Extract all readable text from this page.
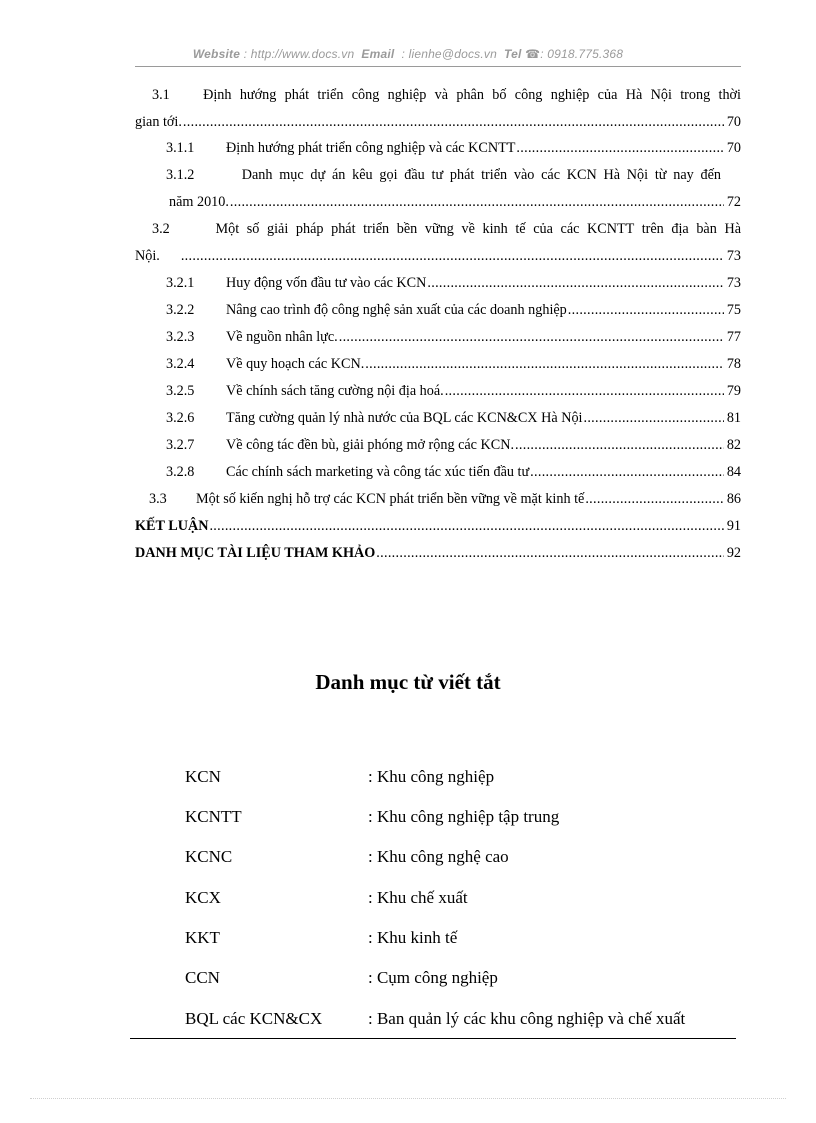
Website : http://www.docs.vn Email : lienhe@docs.vn Tel ☎: 0918.775.368
3.1 Định hướng phát triển công nghiệp và phân bố công nghiệp của Hà Nội trong thời
gian tới. .....	70
3.1.1	Định hướng phát triển công nghiệp và các KCNTT .....	70
3.1.2	Danh mục dự án kêu gọi đầu tư phát triển vào các KCN Hà Nội từ nay đến
năm 2010. .....	72
3.2	Một số giải pháp phát triển bền vững về kinh tế của các KCNTT trên địa bàn Hà
Nội. .....	73
3.2.1	Huy động vốn đầu tư vào các KCN .....	73
3.2.2	Nâng cao trình độ công nghệ sản xuất của các doanh nghiệp .....	75
3.2.3	Về nguồn nhân lực. .....	77
3.2.4	Về quy hoạch các KCN. .....	78
3.2.5	Về chính sách tăng cường nội địa hoá. .....	79
3.2.6	Tăng cường quản lý nhà nước của BQL các KCN&CX Hà Nội .....	81
3.2.7	Về công tác đền bù, giải phóng mở rộng các KCN. .....	82
3.2.8	Các chính sách marketing và công tác xúc tiến đầu tư .....	84
3.3	Một số kiến nghị hỗ trợ các KCN phát triển bền vững về mặt kinh tế .....	86
KẾT LUẬN .....	91
DANH MỤC TÀI LIỆU THAM KHẢO .....	92
Danh mục từ viết tắt
KCN	: Khu công nghiệp
KCNTT	: Khu công nghiệp tập trung
KCNC	: Khu công nghệ cao
KCX	: Khu chế xuất
KKT	: Khu kinh tế
CCN	: Cụm công nghiệp
BQL các KCN&CX	: Ban quản lý các khu công nghiệp và chế xuất
